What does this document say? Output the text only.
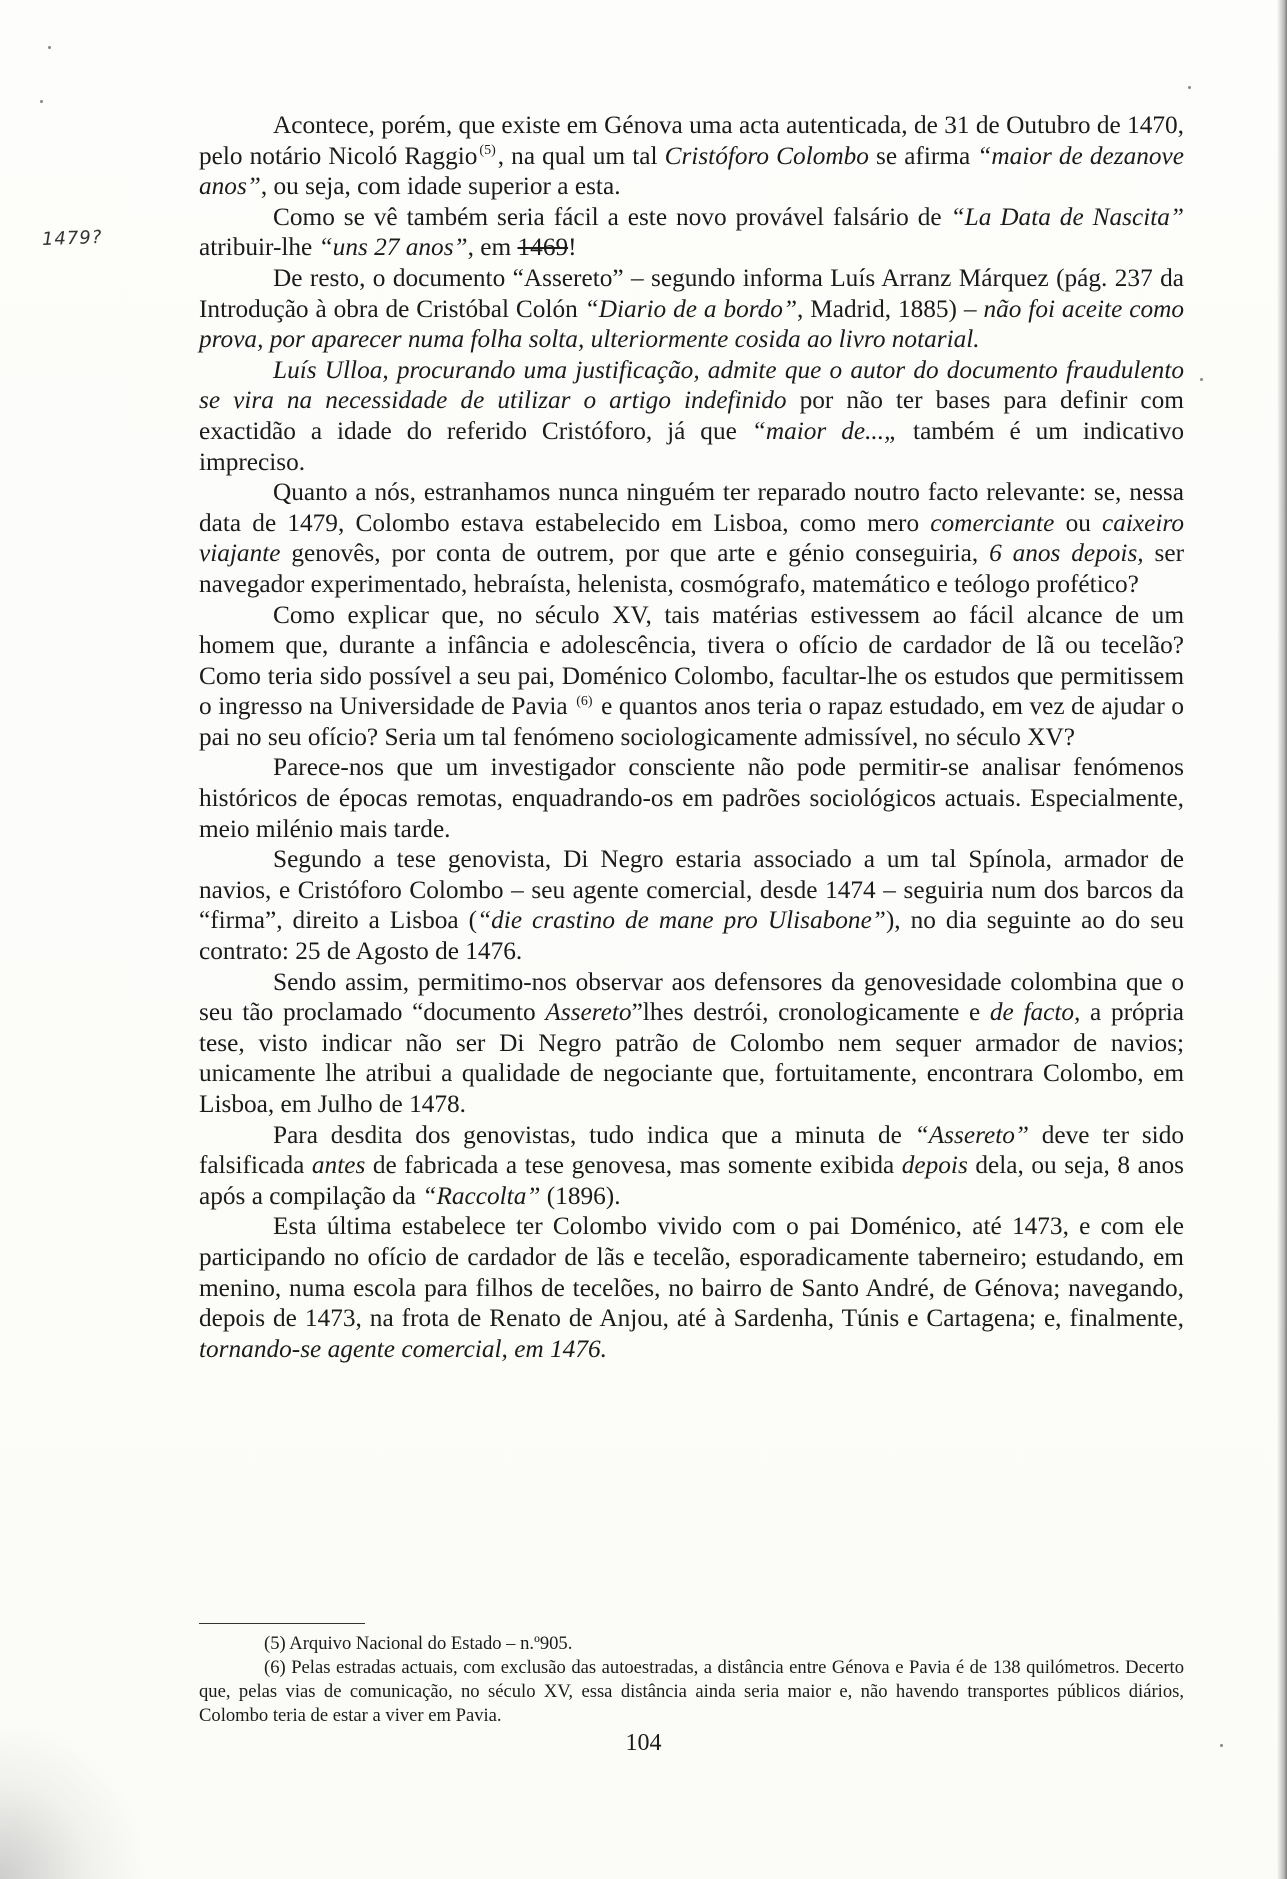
1479?

Acontece, porém, que existe em Génova uma acta autenticada, de 31 de Outubro de 1470, pelo notário Nicoló Raggio $^{(5)}$, na qual um tal Cristóforo Colombo se afirma “maior de dezanove anos”, ou seja, com idade superior a esta.

Como se vê também seria fácil a este novo provável falsário de “La Data de Nascita” atribuir-lhe “uns 27 anos”, em 1469!

De resto, o documento “Assereto” – segundo informa Luís Arranz Márquez (pág. 237 da Introdução à obra de Cristóbal Colón “Diario de a bordo”, Madrid, 1885) – não foi aceite como prova, por aparecer numa folha solta, ulteriormente cosida ao livro notarial.

Luís Ulloa, procurando uma justificação, admite que o autor do documento fraudulento se vira na necessidade de utilizar o artigo indefinido por não ter bases para definir com exactidão a idade do referido Cristóforo, já que “maior de...„ também é um indicativo impreciso.

Quanto a nós, estranhamos nunca ninguém ter reparado noutro facto relevante: se, nessa data de 1479, Colombo estava estabelecido em Lisboa, como mero comerciante ou caixeiro viajante genovês, por conta de outrem, por que arte e génio conseguiria, 6 anos depois, ser navegador experimentado, hebraísta, helenista, cosmógrafo, matemático e teólogo profético?

Como explicar que, no século XV, tais matérias estivessem ao fácil alcance de um homem que, durante a infância e adolescência, tivera o ofício de cardador de lã ou tecelão? Como teria sido possível a seu pai, Doménico Colombo, facultar-lhe os estudos que permitissem o ingresso na Universidade de Pavia $^{(6)}$ e quantos anos teria o rapaz estudado, em vez de ajudar o pai no seu ofício? Seria um tal fenómeno sociologicamente admissível, no século XV?

Parece-nos que um investigador consciente não pode permitir-se analisar fenómenos históricos de épocas remotas, enquadrando-os em padrões sociológicos actuais. Especialmente, meio milénio mais tarde.

Segundo a tese genovista, Di Negro estaria associado a um tal Spínola, armador de navios, e Cristóforo Colombo – seu agente comercial, desde 1474 – seguiria num dos barcos da “firma”, direito a Lisboa (“die crastino de mane pro Ulisabone”), no dia seguinte ao do seu contrato: 25 de Agosto de 1476.

Sendo assim, permitimo-nos observar aos defensores da genovesidade colombina que o seu tão proclamado “documento Assereto”lhes destrói, cronologicamente e de facto, a própria tese, visto indicar não ser Di Negro patrão de Colombo nem sequer armador de navios; unicamente lhe atribui a qualidade de negociante que, fortuitamente, encontrara Colombo, em Lisboa, em Julho de 1478.

Para desdita dos genovistas, tudo indica que a minuta de “Assereto” deve ter sido falsificada antes de fabricada a tese genovesa, mas somente exibida depois dela, ou seja, 8 anos após a compilação da “Raccolta” (1896).

Esta última estabelece ter Colombo vivido com o pai Doménico, até 1473, e com ele participando no ofício de cardador de lãs e tecelão, esporadicamente taberneiro; estudando, em menino, numa escola para filhos de tecelões, no bairro de Santo André, de Génova; navegando, depois de 1473, na frota de Renato de Anjou, até à Sardenha, Túnis e Cartagena; e, finalmente, tornando-se agente comercial, em 1476.

(5) Arquivo Nacional do Estado – n.º905.

(6) Pelas estradas actuais, com exclusão das autoestradas, a distância entre Génova e Pavia é de 138 quilómetros. Decerto que, pelas vias de comunicação, no século XV, essa distância ainda seria maior e, não havendo transportes públicos diários, Colombo teria de estar a viver em Pavia.

104
